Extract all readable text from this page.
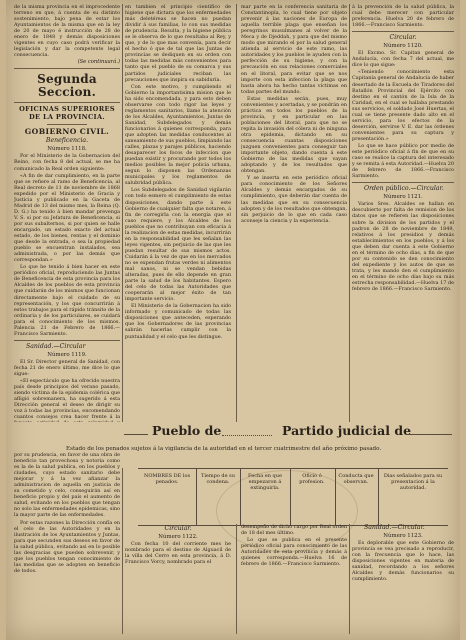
de la misma provincia en el improcedente terreno en que, á cuenta de su distinto sostenimiento, bajo pena de estar los Ayuntamientos de la misma que en la ley de 20 de mayo é instrucción de 28 de enero de 1848 y demás disposiciones vigentes en cuyo caso podrá verificar la legislación y dar la competente legal consecuencia.

(Se continuará.)
Segunda Seccion.
OFICINAS SUPERIORES DE LA PROVINCIA.
GOBIERNO CIVIL.
Beneficencia.
Número 1118.

Por el Ministerio de la Gobernacion del Reino, con fecha 8 del actual, se me ha comunicado la Real orden siguiente:

«A fin de dar cumplimiento, en la parte que se refiere al ramo de Beneficencia, al Real decreto de 11 de noviembre de 1868 expedido por el Ministerio de Gracia y Justicia y publicado en la Gaceta de Madrid de 13 del mismo mes, la Reina (Q. D. G.) ha tenido á bien mandar prevenga V. S. si por su Jefatura de Beneficencia, si por sus subalternos, si por quien se halle encargado, un estado exacto del actual estado, de los bienes, rentas y el dominio que desde la entrada, o sea la propiedad pueblo se encuentran instalados, sea administrada, o por las demás que correspondan.»

Lo que he tenido á bien hacer en este periódico oficial, reproduciendo las Juntas de Beneficencia de esta provincia para los Alcaldes de los pueblos de esta provincia que cuidarán de los mismos que funcionan directamente bajo el cuidado de su representación, y los que concurrirán á estos trabajos para el rápido tránsito de la ordinaria y de los particulares, se cuidará para el conocimiento de los mismos. Palencia 21 de Febrero de 1866.—Francisco Sarmiento.

Sanidad.—Circular
Número 1119.

El Sr. Director general de Sanidad, con fecha 21 de enero último, me dice lo que sigue:

«El espectáculo que ha ofrecido nuestra país desde principios del verano pasado, siendo víctima de la epidemia colérica que afligió sobremanera, ha sugerido á esta Dirección general el deseo de dirigir su voz á todas las provincias, encomendando cuantos consejos crea hacer frente á la

en tambien el principio científico de higiene que dictara que los enfermedades más deletéreas se hacen no puedan dividir á sus familias, lo con sus medidas de prudencia. Resulta, y la higiene pública se le observa de lo que resultaba al Rey, y que, y de lo que mas convenía, para decir el hecho ó que de tal que las Juntas de provincias se dediquen en su orden con todas las medidas más convenientes para tanto que el pueblo de su comarca y sus partidos judiciales reciban las precauciones que inspira su sabiduría.

Con este motivo, y cumpliendo el Gobierno la importantisima mision que le ha sido encomendada, y para esto deben observarse con todo rigor las leyes y reglamentos sanitarios, llamo la atención de los Alcaldes, Ayuntamientos, Juntas de Sanidad, Subdelegados y demás funcionarios á quienes corresponda, para que adopten las medidas conducentes al saneamiento de sus pueblos, limpiando las calles, plazas y parajes públicos, haciendo desaparecer los focos de infeccion que puedan existir y procurando por todos los medios posibles la mejor policía urbana, segun lo disponen las Ordenanzas municipales y los reglamentos de salubridad pública.

Los Subdelegados de Sanidad vigilarán con todo esmero el cumplimiento de estas disposiciones, dando parte á este Gobierno de cualquier falta que notaren, á fin de corregirla con la energía que el caso requiere, y los Alcaldes de los pueblos que no contribuyan con eficacia á la realizacion de estas medidas, incurrirán en la responsabilidad que les señalan las leyes vigentes, sin perjuicio de las que les puedan resultar de sus mismos actos. Cuidarán á la vez de que en los mercados no se expendan frutas verdes ni alimentos mal sanos, ni se vendan bebidas alteradas, pues de ello depende en gran parte la salud de los habitantes. Espero del celo de todas las Autoridades que cooperarán al mejor éxito de tan importante servicio.

El Ministerio de la Gobernacion ha sido informado y comunicado de todas las disposiciones que anteceden, esperando que los Gobernadores de las provincias sabrán hacerlas cumplir con la puntualidad y el celo que les distingue.

mar parte en la conferencia sanitaria de Constantinopla, lo cual tiene por objeto prevenir á las naciones de Europa de aquella terrible plaga que enseñan los peregrinos musulmanes al volver de la Meca y de Djeddah, y para que del mismo modo que mirando el por la salud general atienda al servicio de este ramo, las autoridades y los pueblos le ayuden con la perfección de su higiene, y con la precaución en sus relaciones comerciales en el litoral, para evitar que se nos importe con esta infeccion la plaga que hasta ahora ha hecho tantas víctimas en todas partes del mundo.

Estas medidas serán, pues, muy convenientes y acertadas, y se pondrán en práctica en todos los pueblos de la provincia, y en particular en las poblaciones del litoral, para que no se repita la invasión del cólera ni de ninguna otra epidemia, dictando en su consecuencia cuantas disposiciones juzguen convenientes para conseguir tan importante objeto, dando cuenta á este Gobierno de las medidas que vayan adoptando y de los resultados que obtengan.

Y se inserta en este periódico oficial para conocimiento de los Señores Alcaldes y demás encargados de su cumplimiento, que deberán dar cuenta de las medidas que en su consecuencia adopten y de los resultados que obtengan, sin perjuicio de lo que en cada caso aconseje la ciencia y la experiencia.

á la prevención de la salud pública, la cual debe merecer con particular preferencia. Huelva 20 de febrero de 1866.—Francisco Sarmiento.

Circular.
Número 1120.

El Excmo. Sr. Capitan general de Andalucía, con fecha 7 del actual, me dice lo que sigue:

«Teniendo conocimiento esta Capitanía general de Andalucía de haber desertado de la Escuela de Tiradores del Batallón Provincial del Ejército con destino en el cantón de la Isla de la Caridad, en el cual se hallaba prestando sus servicios, el soldado José Huertas, el cual se tiene presente dado alto en el servicio, para los efectos de la deserción, servirse V. E. dar las órdenes convenientes para su captura y presentación.»

Lo que se hace público por medio de este periódico oficial á fin de que en su caso se realice la captura del interesado y se remita á esta Autoridad.—Huelva 20 de febrero de 1866.—Francisco Sarmiento.

Orden público.—Circular.
Número 1121.

Varios Sres. Alcaldes se hallan en descubierto por falta de remision de los datos que se refieren las disposiciones sobre la division de los partidos y el padron de 28 de noviembre de 1849, relativos á los presidios y demás establecimientos en los pueblos, y á los que deben dar cuenta á este Gobierno en el término de ocho días, a fin de que por su contenido se den conocimiento del expediente y los autos de que se trata, y les mando den el cumplimiento en el término de ocho días bajo su más estrecha responsabilidad.—Huelva 17 de febrero de 1866.—Francisco Sarmiento.

Pueblo de	Partido judicial de
Estado de los penados sujetos á la vigilancia de la autoridad en el tercer cuatrimestre del año próximo pasado.
NOMBRES DE los penados.
Tiempo de su condena.
Fecha en que empezaron á extinguirla.
Oficio ó profesion.
Conducta que observan.
Dias señalados para su presentacion á la autoridad.

por su prudencia, en favor de una obra de beneficio tan provechosa y notoria como es la de la salud publica, en los pueblos y ciudades, cuyo estado sanitario debe mejorar y á la vez afianzar la administracion de aquella en justicia de su cometido y celo, conseguirán así en beneficio propio y del país el aumento de salud, evitando en los pueblos que tengan no solo las enfermedades epidemicas, sino la mayor parte de las enfermedades.

Por estas razones la Dirección confía en el celo de las Autoridades y en la ilustración de los Ayuntamientos y Juntas, para que secunden sus deseos en favor de la salud pública, evitando asi en lo posible las desgracias que pueden sobrevenir, y que los pueblos tengan conocimiento de las medidas que se adopten en beneficio de todos.

Circular.
Número 1122.

Con fecha 10 del corriente mes he nombrado para el destino de Alguacil de la villa del Cerro en esta provincia, á D. Francisco Vorcy, nombrado para el

desempeño de dicho cargo por Real orden de 18 del mes último.

Lo que se publica en el presente periódico oficial para conocimiento de las Autoridades de esta provincia y demás á quienes corresponda.—Huelva 16 de febrero de 1866.—Francisco Sarmiento.

Sanidad.—Circular.
Número 1123.

Es deplorable que este Gobierno de provincia se vea precisado a reproducir, con la frecuencia que lo hace, las disposiciones vigentes en materia de sanidad, recordando a los señores Alcaldes y demás funcionarios su cumplimiento.
